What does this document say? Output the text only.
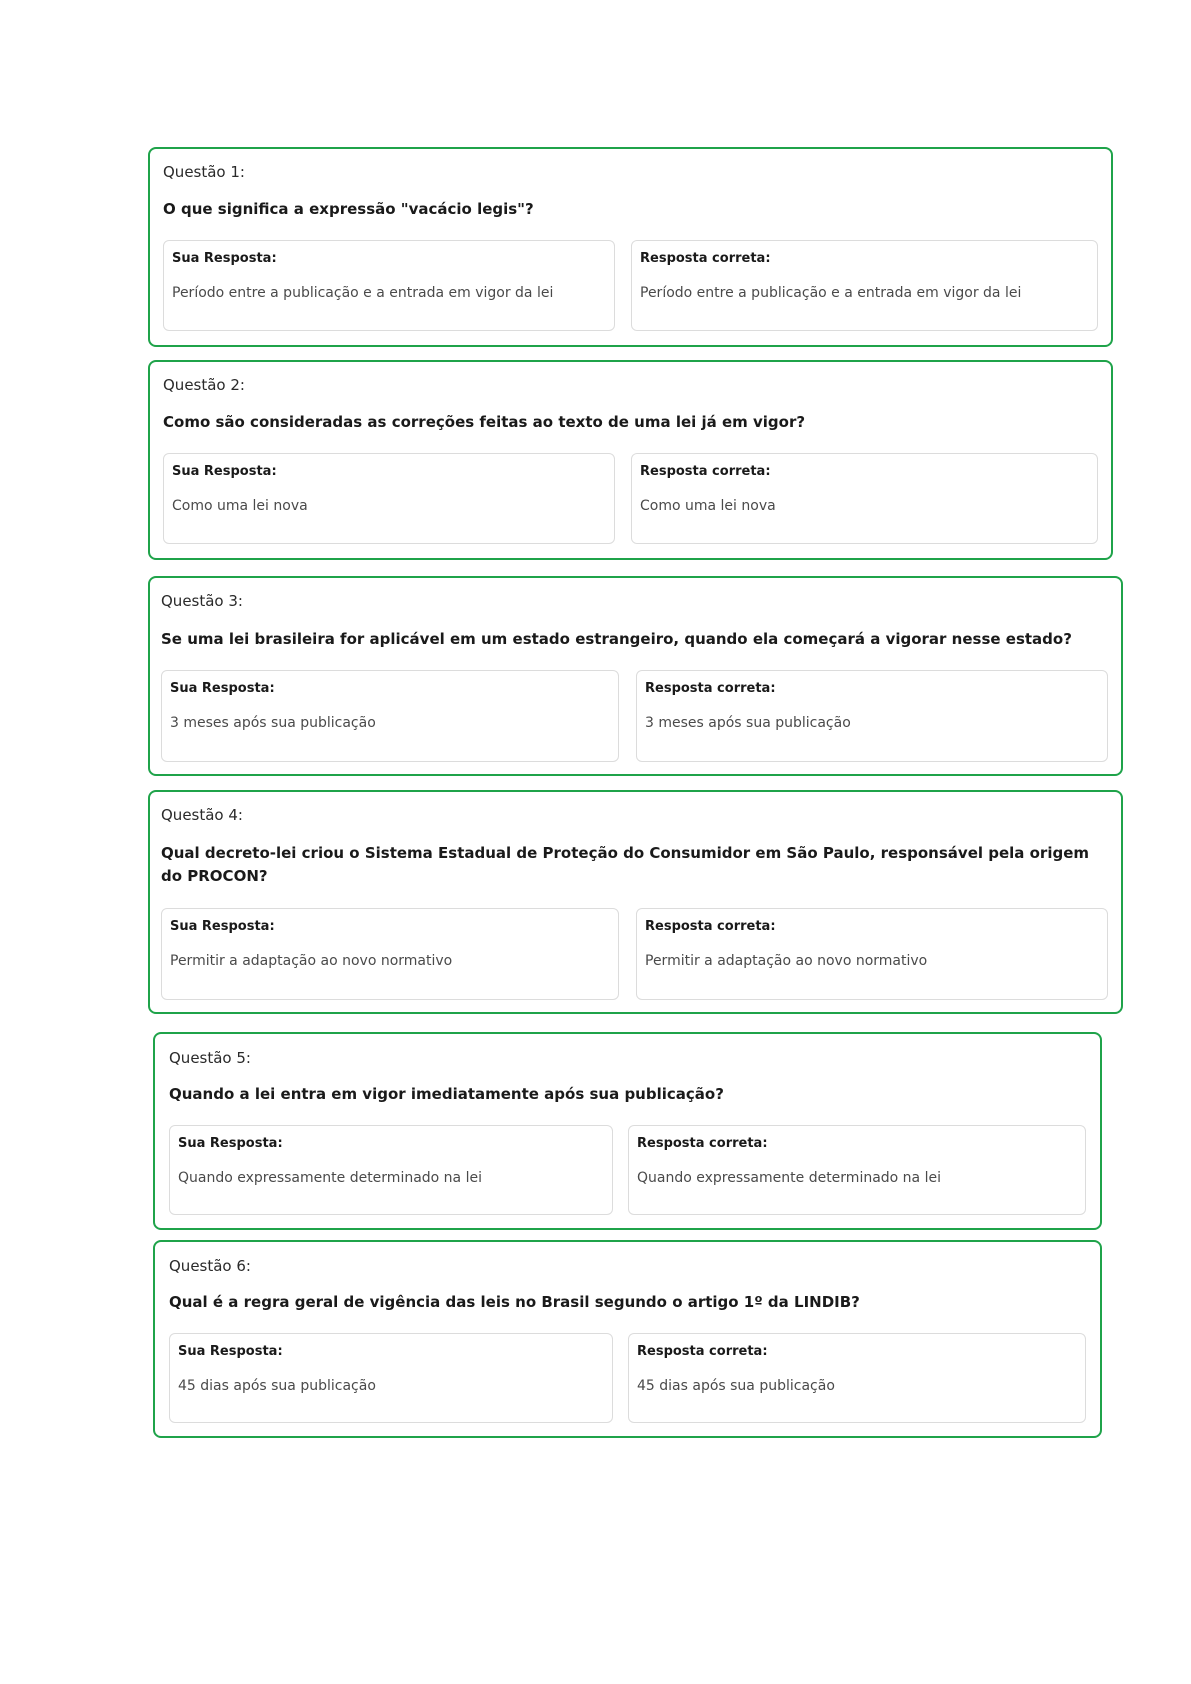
Questão 1:
O que significa a expressão "vacácio legis"?
Sua Resposta:
Período entre a publicação e a entrada em vigor da lei
Resposta correta:
Período entre a publicação e a entrada em vigor da lei
Questão 2:
Como são consideradas as correções feitas ao texto de uma lei já em vigor?
Sua Resposta:
Como uma lei nova
Resposta correta:
Como uma lei nova
Questão 3:
Se uma lei brasileira for aplicável em um estado estrangeiro, quando ela começará a vigorar nesse estado?
Sua Resposta:
3 meses após sua publicação
Resposta correta:
3 meses após sua publicação
Questão 4:
Qual decreto-lei criou o Sistema Estadual de Proteção do Consumidor em São Paulo, responsável pela origem do PROCON?
Sua Resposta:
Permitir a adaptação ao novo normativo
Resposta correta:
Permitir a adaptação ao novo normativo
Questão 5:
Quando a lei entra em vigor imediatamente após sua publicação?
Sua Resposta:
Quando expressamente determinado na lei
Resposta correta:
Quando expressamente determinado na lei
Questão 6:
Qual é a regra geral de vigência das leis no Brasil segundo o artigo 1º da LINDIB?
Sua Resposta:
45 dias após sua publicação
Resposta correta:
45 dias após sua publicação
